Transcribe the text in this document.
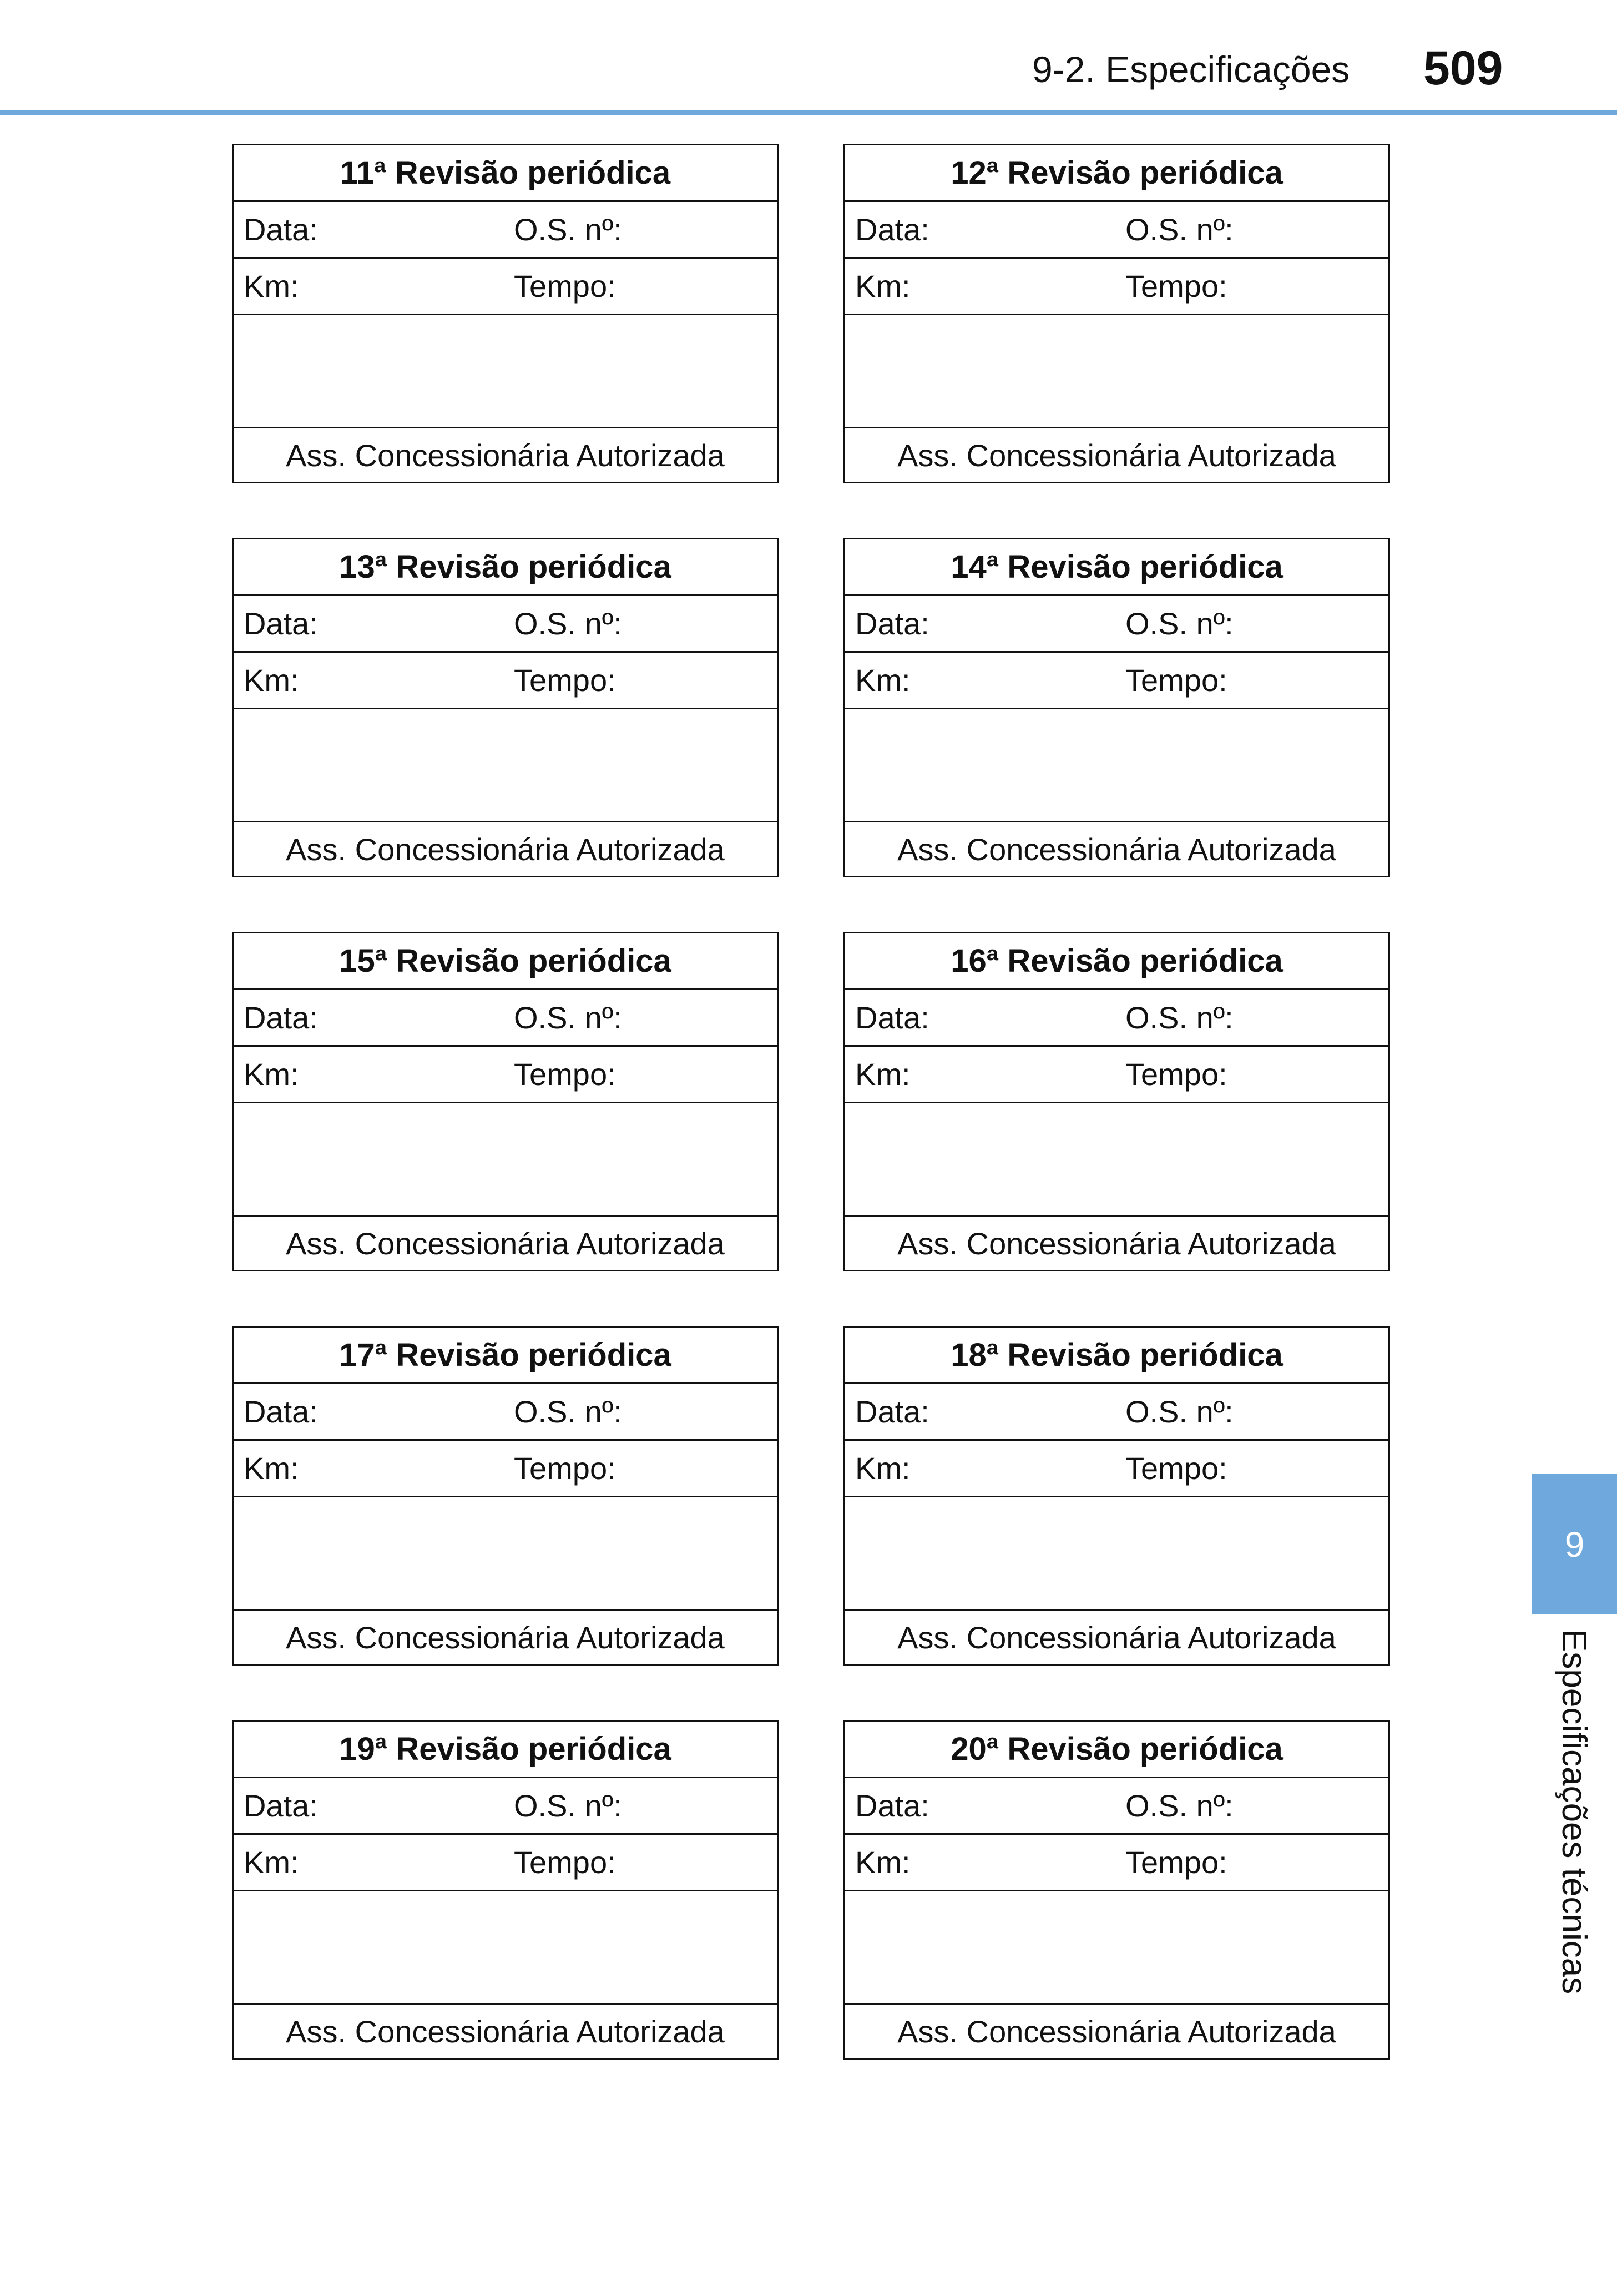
9-2. Especificações 509
9
Especificações técnicas
11ª Revisão periódica
Data:	O.S. nº:
Km:	Tempo:
Ass. Concessionária Autorizada
12ª Revisão periódica
Data:	O.S. nº:
Km:	Tempo:
Ass. Concessionária Autorizada
13ª Revisão periódica
Data:	O.S. nº:
Km:	Tempo:
Ass. Concessionária Autorizada
14ª Revisão periódica
Data:	O.S. nº:
Km:	Tempo:
Ass. Concessionária Autorizada
15ª Revisão periódica
Data:	O.S. nº:
Km:	Tempo:
Ass. Concessionária Autorizada
16ª Revisão periódica
Data:	O.S. nº:
Km:	Tempo:
Ass. Concessionária Autorizada
17ª Revisão periódica
Data:	O.S. nº:
Km:	Tempo:
Ass. Concessionária Autorizada
18ª Revisão periódica
Data:	O.S. nº:
Km:	Tempo:
Ass. Concessionária Autorizada
19ª Revisão periódica
Data:	O.S. nº:
Km:	Tempo:
Ass. Concessionária Autorizada
20ª Revisão periódica
Data:	O.S. nº:
Km:	Tempo:
Ass. Concessionária Autorizada
